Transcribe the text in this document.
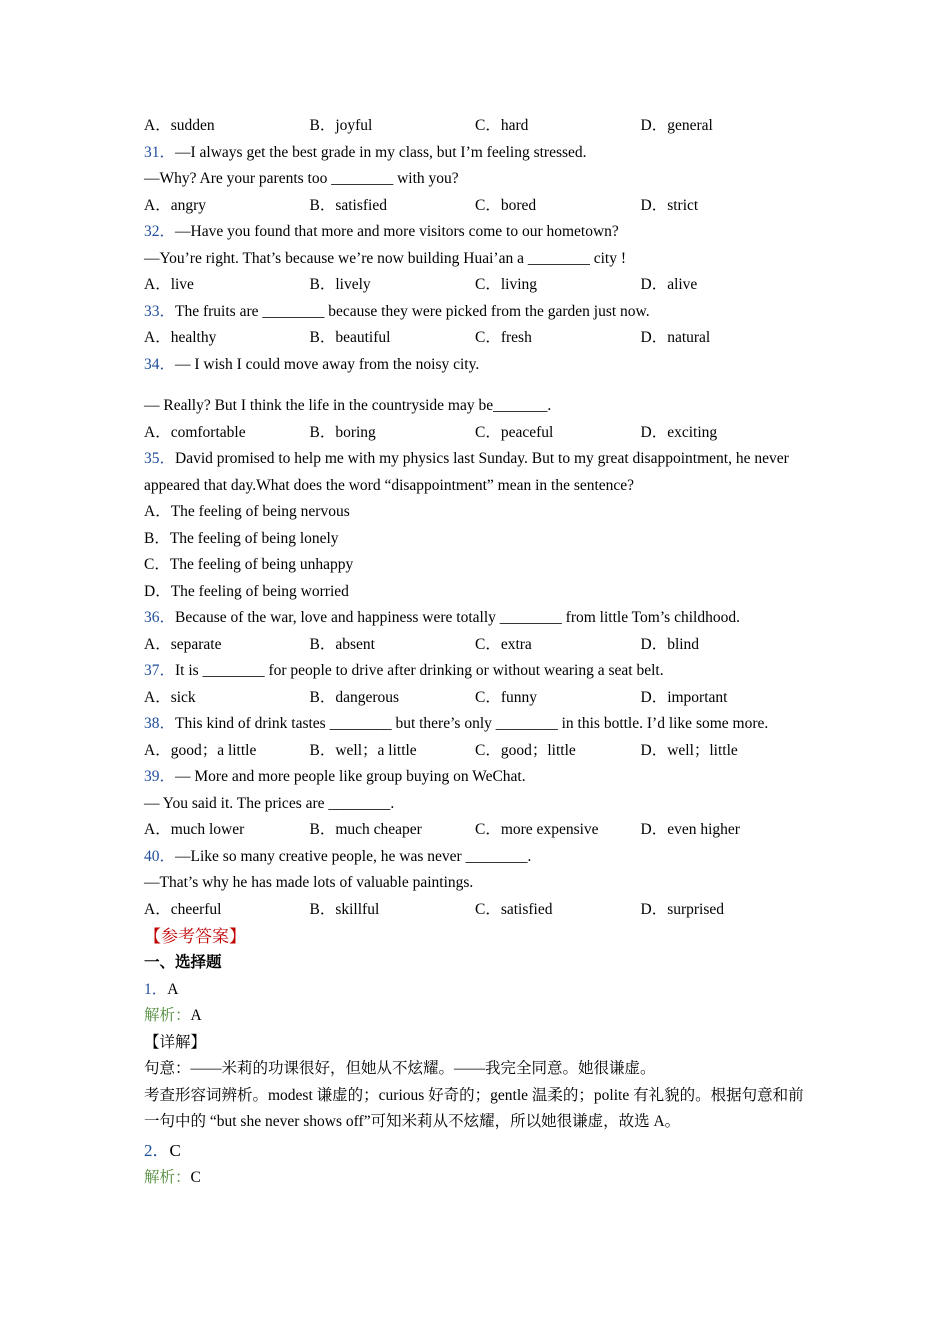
A．sudden	B．joyful	C．hard	D．general
31．—I always get the best grade in my class, but I’m feeling stressed.
—Why? Are your parents too ________ with you?
A．angry	B．satisfied	C．bored	D．strict
32．—Have you found that more and more visitors come to our hometown?
—You’re right. That’s because we’re now building Huai’an a ________ city !
A．live	B．lively	C．living	D．alive
33．The fruits are ________ because they were picked from the garden just now.
A．healthy	B．beautiful	C．fresh	D．natural
34．— I wish I could move away from the noisy city.
— Really? But I think the life in the countryside may be_______.
A．comfortable	B．boring	C．peaceful	D．exciting
35．David promised to help me with my physics last Sunday. But to my great disappointment, he never appeared that day.What does the word “disappointment” mean in the sentence?
A．The feeling of being nervous
B．The feeling of being lonely
C．The feeling of being unhappy
D．The feeling of being worried
36．Because of the war, love and happiness were totally ________ from little Tom’s childhood.
A．separate	B．absent	C．extra	D．blind
37．It is ________ for people to drive after drinking or without wearing a seat belt.
A．sick	B．dangerous	C．funny	D．important
38．This kind of drink tastes ________ but there’s only ________ in this bottle. I’d like some more.
A．good；a little	B．well；a little	C．good；little	D．well；little
39．— More and more people like group buying on WeChat.
— You said it. The prices are ________.
A．much lower	B．much cheaper	C．more expensive	D．even higher
40．—Like so many creative people, he was never ________.
—That’s why he has made lots of valuable paintings.
A．cheerful	B．skillful	C．satisfied	D．surprised
【参考答案】
一、选择题
1．A
解析：A
【详解】
句意：——米莉的功课很好，但她从不炫耀。——我完全同意。她很谦虚。
考查形容词辨析。modest 谦虚的；curious 好奇的；gentle 温柔的；polite 有礼貌的。根据句意和前一句中的 “but she never shows off”可知米莉从不炫耀，所以她很谦虚，故选 A。
2．C
解析：C
